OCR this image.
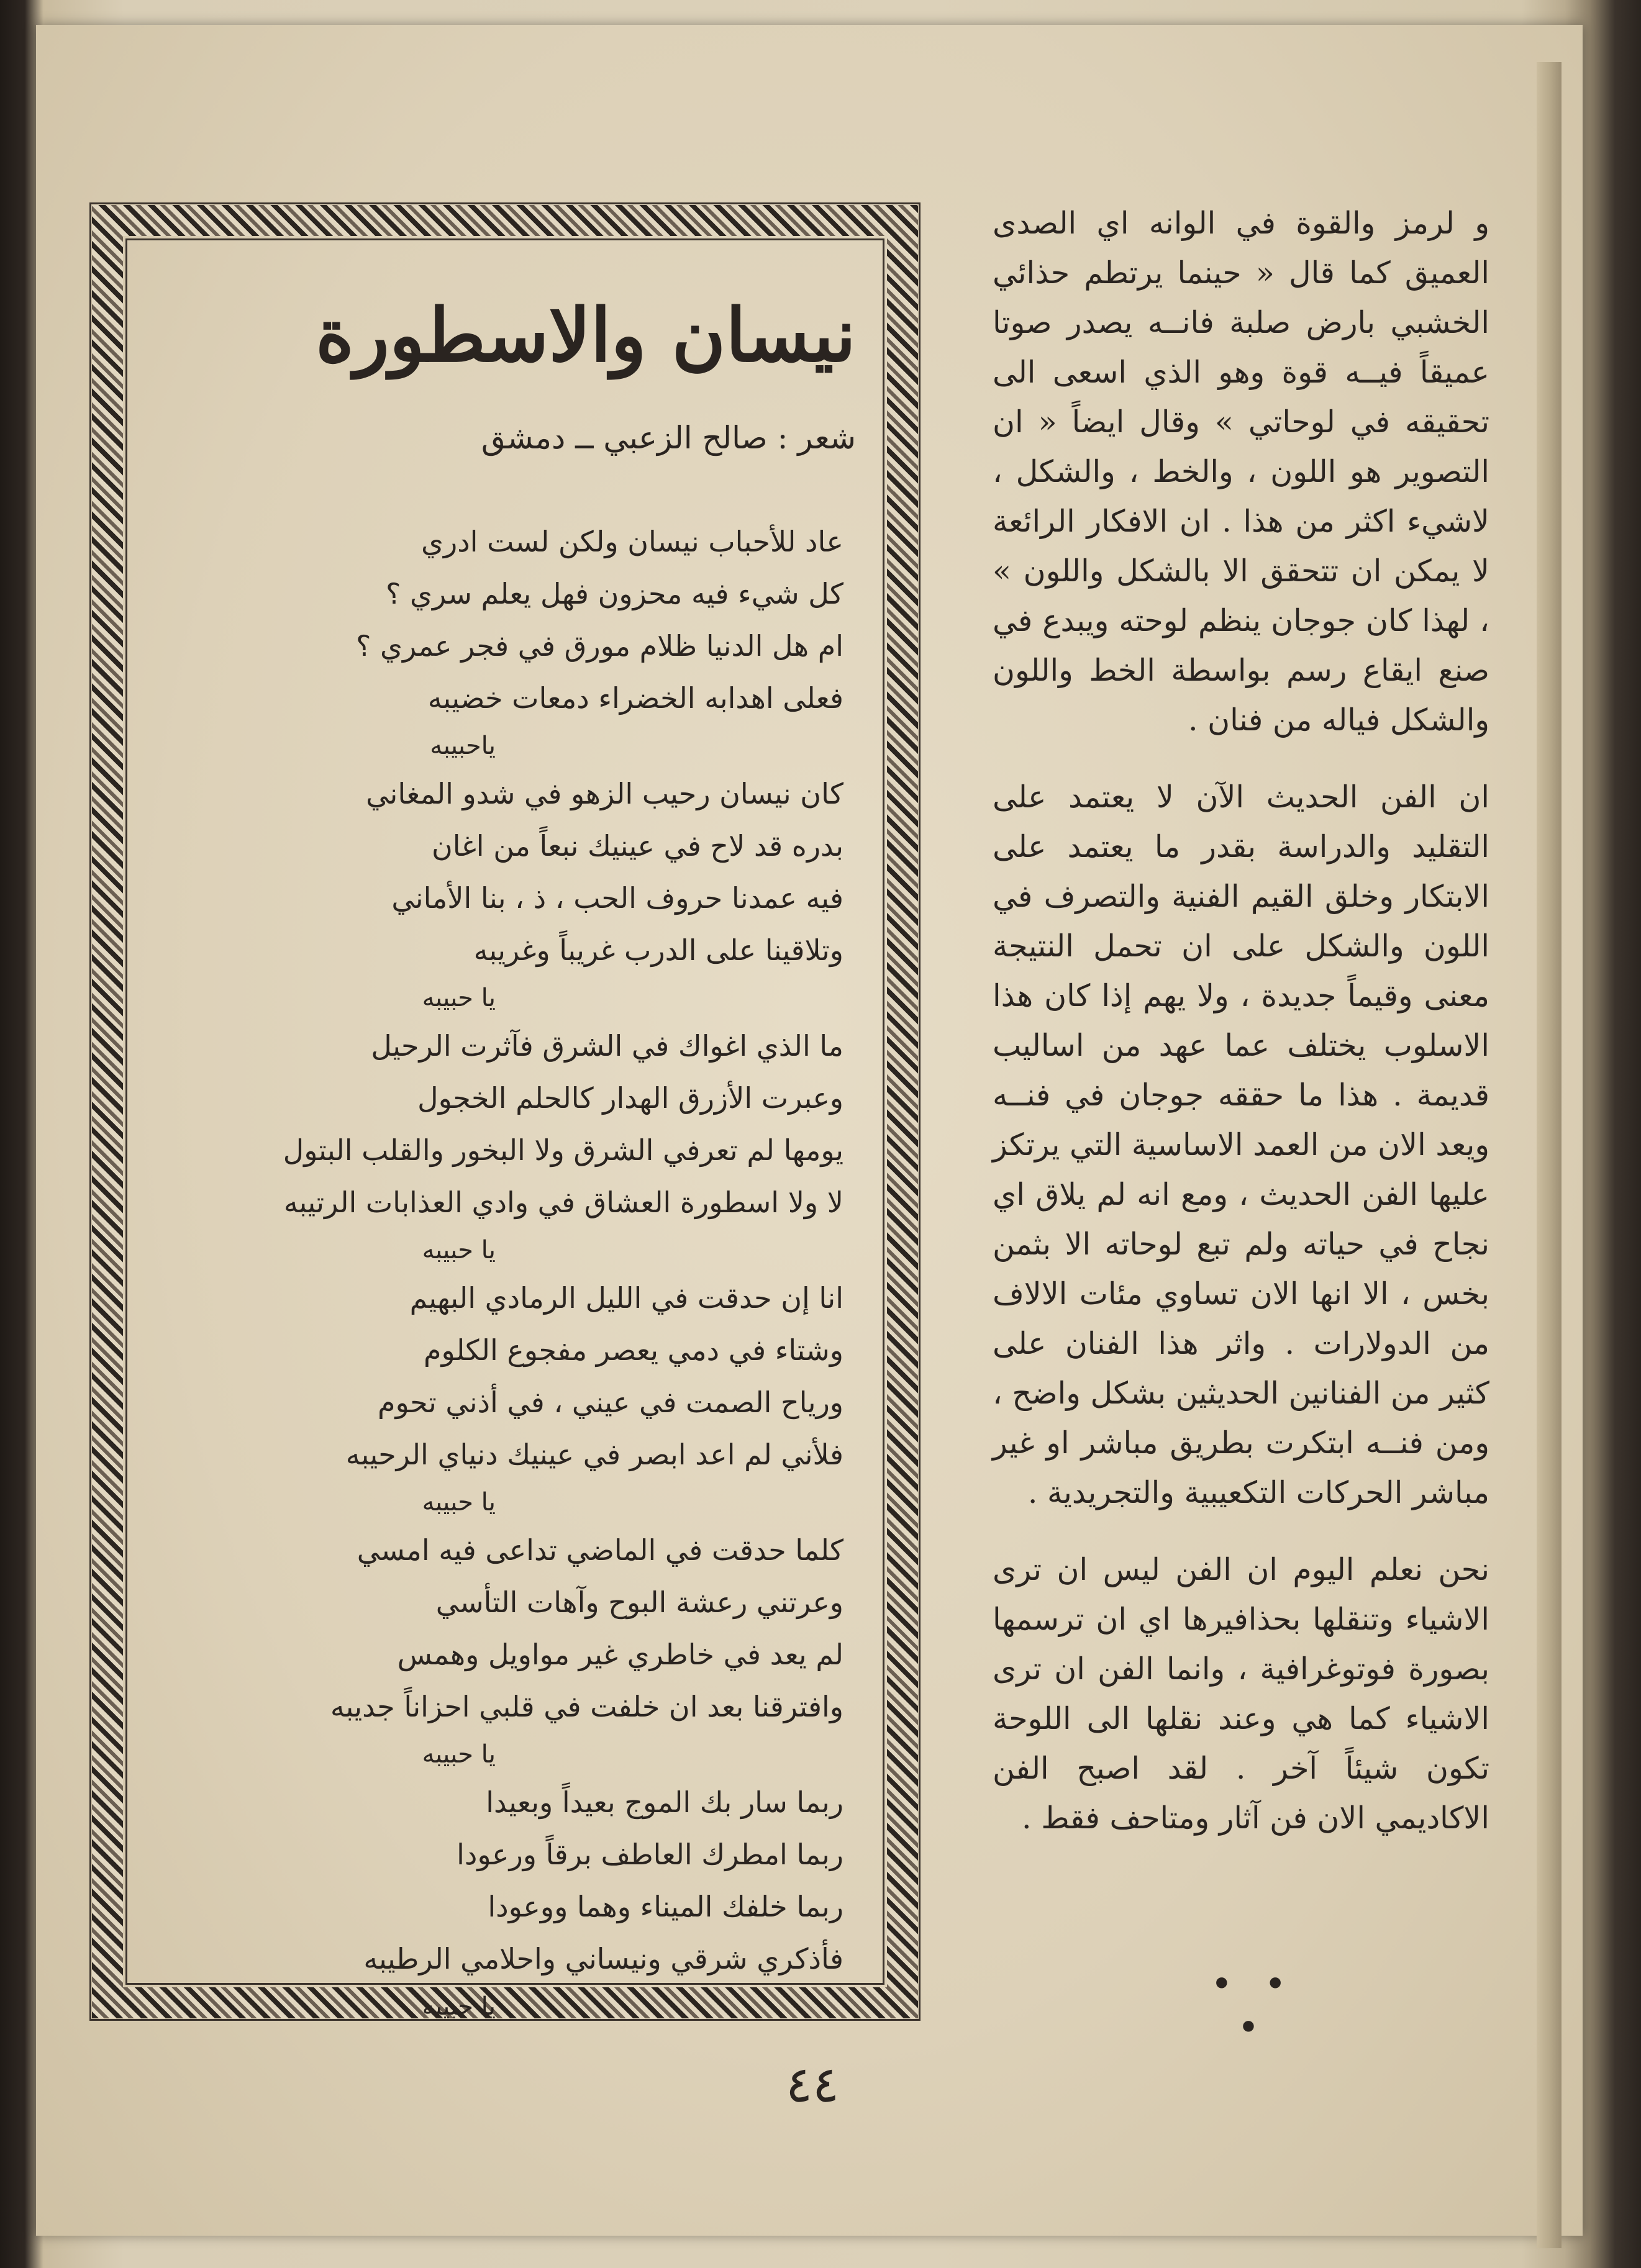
نيسان والاسطورة
شعر : صالح الزعبي ــ دمشق
عاد للأحباب نيسان ولكن لست ادري
كل شيء فيه محزون فهل يعلم سري ؟
ام هل الدنيا ظلام مورق في فجر عمري ؟
فعلى اهدابه الخضراء دمعات خضيبه
ياحبيبه
كان نيسان رحيب الزهو في شدو المغاني
بدره قد لاح في عينيك نبعاً من اغان
فيه عمدنا حروف الحب ، ذ ، بنا الأماني
وتلاقينا على الدرب غريباً وغريبه
يا حبيبه
ما الذي اغواك في الشرق فآثرت الرحيل
وعبرت الأزرق الهدار كالحلم الخجول
يومها لم تعرفي الشرق ولا البخور والقلب البتول
لا ولا اسطورة العشاق في وادي العذابات الرتيبه
يا حبيبه
انا إن حدقت في الليل الرمادي البهيم
وشتاء في دمي يعصر مفجوع الكلوم
ورياح الصمت في عيني ، في أذني تحوم
فلأني لم اعد ابصر في عينيك دنياي الرحيبه
يا حبيبه
كلما حدقت في الماضي تداعى فيه امسي
وعرتني رعشة البوح وآهات التأسي
لم يعد في خاطري غير مواويل وهمس
وافترقنا بعد ان خلفت في قلبي احزاناً جديبه
يا حبيبه
ربما سار بك الموج بعيداً وبعيدا
ربما امطرك العاطف برقاً ورعودا
ربما خلفك الميناء وهما ووعودا
فأذكري شرقي ونيساني واحلامي الرطيبه
يا حبيبه

و لرمز والقوة في الوانه اي الصدى العميق كما قال « حينما يرتطم حذائي الخشبي بارض صلبة فانــه يصدر صوتا عميقاً فيــه قوة وهو الذي اسعى الى تحقيقه في لوحاتي » وقال ايضاً « ان التصوير هو اللون ، والخط ، والشكل ، لاشيء اكثر من هذا . ان الافكار الرائعة لا يمكن ان تتحقق الا بالشكل واللون » ، لهذا كان جوجان ينظم لوحته ويبدع في صنع ايقاع رسم بواسطة الخط واللون والشكل فياله من فنان .

ان الفن الحديث الآن لا يعتمد على التقليد والدراسة بقدر ما يعتمد على الابتكار وخلق القيم الفنية والتصرف في اللون والشكل على ان تحمل النتيجة معنى وقيماً جديدة ، ولا يهم إذا كان هذا الاسلوب يختلف عما عهد من اساليب قديمة . هذا ما حققه جوجان في فنــه ويعد الان من العمد الاساسية التي يرتكز عليها الفن الحديث ، ومع انه لم يلاق اي نجاح في حياته ولم تبع لوحاته الا بثمن بخس ، الا انها الان تساوي مئات الالاف من الدولارات . واثر هذا الفنان على كثير من الفنانين الحديثين بشكل واضح ، ومن فنــه ابتكرت بطريق مباشر او غير مباشر الحركات التكعيبية والتجريدية .

نحن نعلم اليوم ان الفن ليس ان ترى الاشياء وتنقلها بحذافيرها اي ان ترسمها بصورة فوتوغرافية ، وانما الفن ان ترى الاشياء كما هي وعند نقلها الى اللوحة تكون شيئاً آخر . لقد اصبح الفن الاكاديمي الان فن آثار ومتاحف فقط .

• • •
٤٤
